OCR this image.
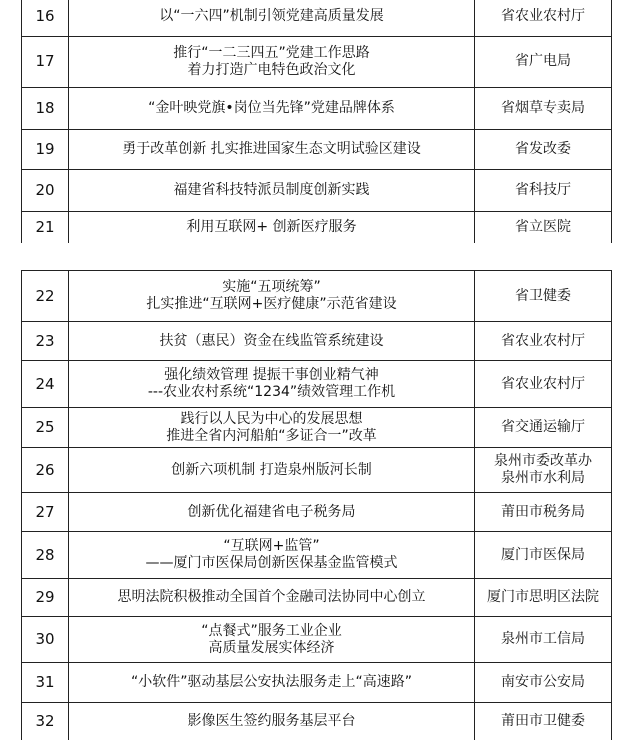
16	以“一六四”机制引领党建高质量发展	省农业农村厅

17	推行“一二三四五”党建工作思路
着力打造广电特色政治文化	省广电局

18	“金叶映党旗•岗位当先锋”党建品牌体系	省烟草专卖局

19	勇于改革创新 扎实推进国家生态文明试验区建设	省发改委

20	福建省科技特派员制度创新实践	省科技厅

21	利用互联网+ 创新医疗服务	省立医院
22	实施“五项统筹”
扎实推进“互联网+医疗健康”示范省建设	省卫健委

23	扶贫（惠民）资金在线监管系统建设	省农业农村厅

24	强化绩效管理 提振干事创业精气神
---农业农村系统“1234”绩效管理工作机	省农业农村厅

25	践行以人民为中心的发展思想
推进全省内河船舶“多证合一”改革	省交通运输厅

26	创新六项机制 打造泉州版河长制	泉州市委改革办
泉州市水利局

27	创新优化福建省电子税务局	莆田市税务局

28	“互联网+监管”
——厦门市医保局创新医保基金监管模式	厦门市医保局

29	思明法院积极推动全国首个金融司法协同中心创立	厦门市思明区法院

30	“点餐式”服务工业企业
高质量发展实体经济	泉州市工信局

31	“小软件”驱动基层公安执法服务走上“高速路”	南安市公安局

32	影像医生签约服务基层平台	莆田市卫健委
